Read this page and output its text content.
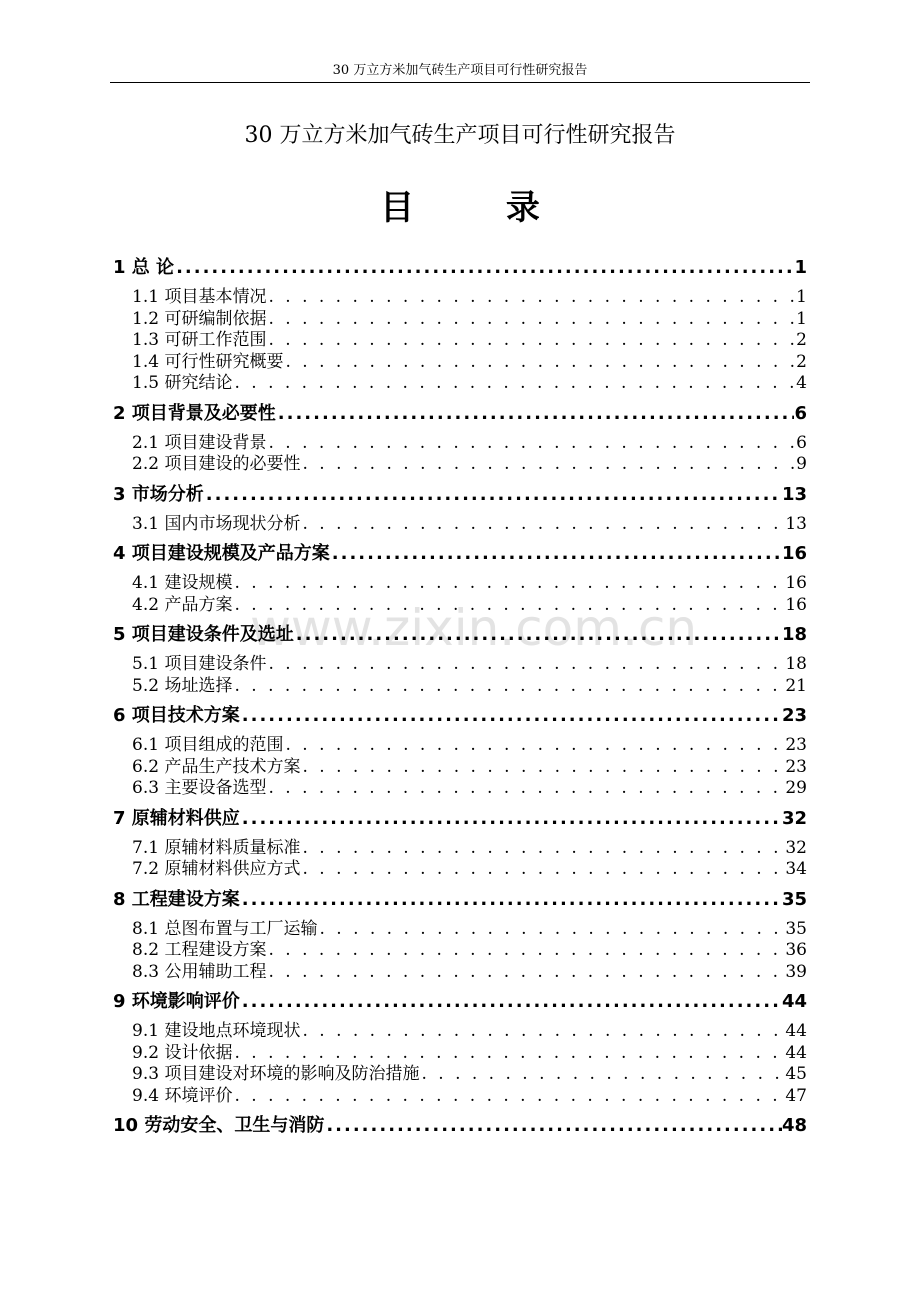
30 万立方米加气砖生产项目可行性研究报告
30 万立方米加气砖生产项目可行性研究报告
目 录
www.zixin.com.cn
1 总 论 .....	1
1.1 项目基本情况 . . .	1
1.2 可研编制依据 . . .	1
1.3 可研工作范围 . . .	2
1.4 可行性研究概要 . . .	2
1.5 研究结论 . . .	4
2 项目背景及必要性 .....	6
2.1 项目建设背景 . . .	6
2.2 项目建设的必要性 . . .	9
3 市场分析 .....	13
3.1 国内市场现状分析 . . .	13
4 项目建设规模及产品方案 .....	16
4.1 建设规模 . . .	16
4.2 产品方案 . . .	16
5 项目建设条件及选址 .....	18
5.1 项目建设条件 . . .	18
5.2 场址选择 . . .	21
6 项目技术方案 .....	23
6.1 项目组成的范围 . . .	23
6.2 产品生产技术方案 . . .	23
6.3 主要设备选型 . . .	29
7 原辅材料供应 .....	32
7.1 原辅材料质量标准 . . .	32
7.2 原辅材料供应方式 . . .	34
8 工程建设方案 .....	35
8.1 总图布置与工厂运输 . . .	35
8.2 工程建设方案 . . .	36
8.3 公用辅助工程 . . .	39
9 环境影响评价 .....	44
9.1 建设地点环境现状 . . .	44
9.2 设计依据 . . .	44
9.3 项目建设对环境的影响及防治措施 . . .	45
9.4 环境评价 . . .	47
10 劳动安全、卫生与消防 .....	48
